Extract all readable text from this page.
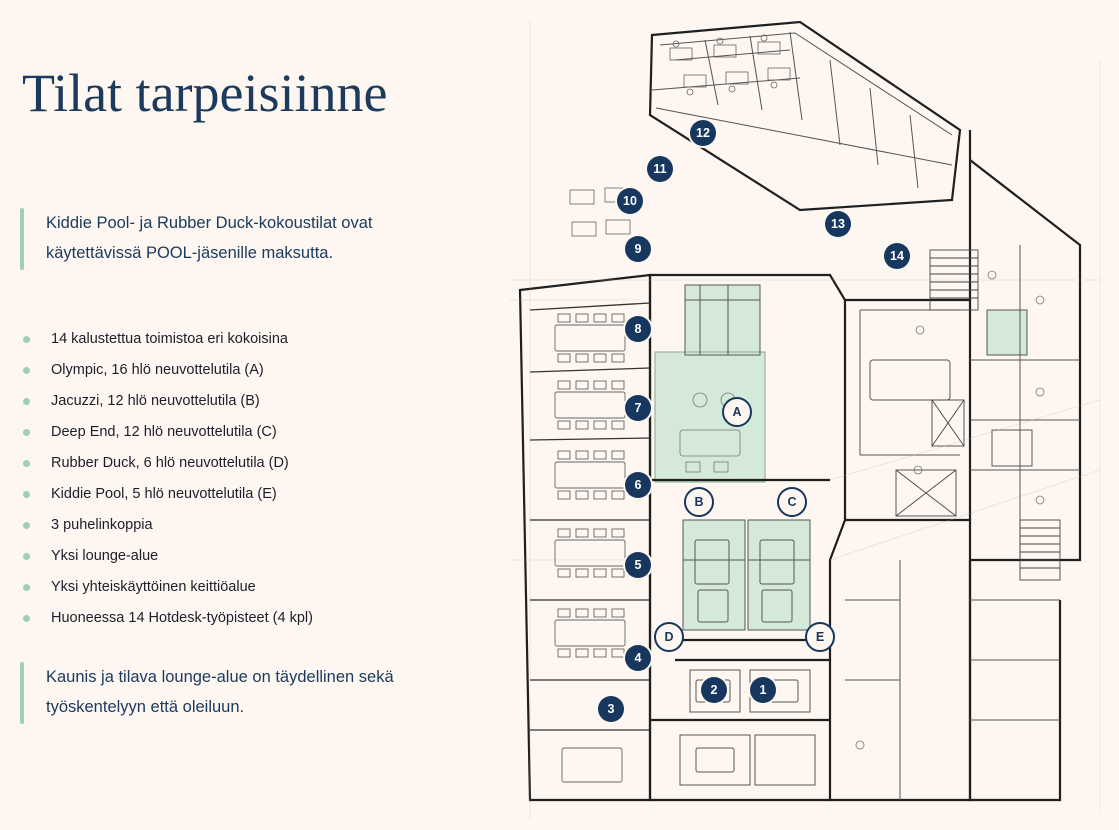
Tilat tarpeisiinne
Kiddie Pool- ja Rubber Duck-kokoustilat ovat käytettävissä POOL-jäsenille maksutta.
14 kalustettua toimistoa eri kokoisina
Olympic, 16 hlö neuvottelutila (A)
Jacuzzi, 12 hlö neuvottelutila (B)
Deep End, 12 hlö neuvottelutila (C)
Rubber Duck, 6 hlö neuvottelutila (D)
Kiddie Pool, 5 hlö neuvottelutila (E)
3 puhelinkoppia
Yksi lounge-alue
Yksi yhteiskäyttöinen keittiöalue
Huoneessa 14 Hotdesk-työpisteet (4 kpl)
Kaunis ja tilava lounge-alue on täydellinen sekä työskentelyyn että oleiluun.
12
11
10
9
8
7
6
5
4
3
2	1
13
14
A
B	C
D	E
